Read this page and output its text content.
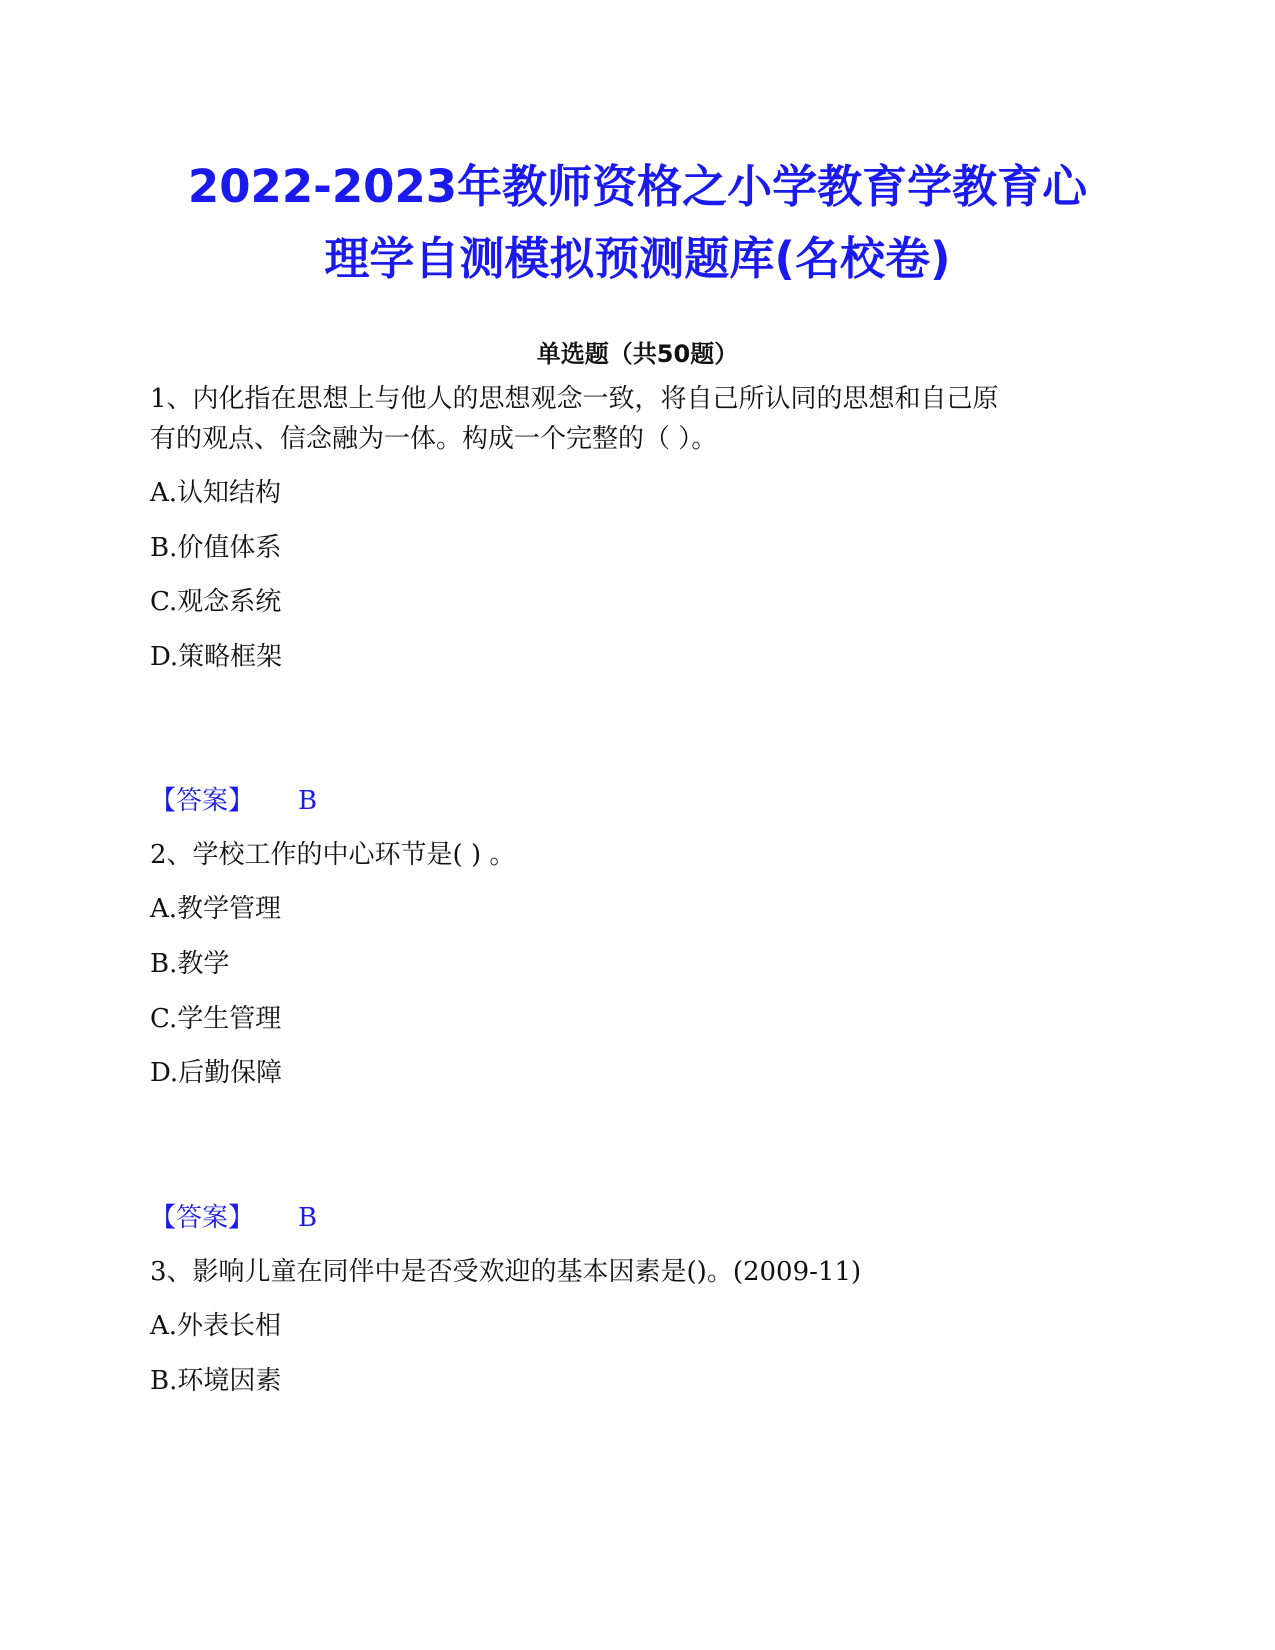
2022-2023年教师资格之小学教育学教育心
理学自测模拟预测题库(名校卷)
单选题（共50题）
1、内化指在思想上与他人的思想观念一致，将自己所认同的思想和自己原
有的观点、信念融为一体。构成一个完整的（ ）。
A.认知结构
B.价值体系
C.观念系统
D.策略框架
【答案】 B
2、学校工作的中心环节是( ) 。
A.教学管理
B.教学
C.学生管理
D.后勤保障
【答案】 B
3、影响儿童在同伴中是否受欢迎的基本因素是()。(2009-11)
A.外表长相
B.环境因素
